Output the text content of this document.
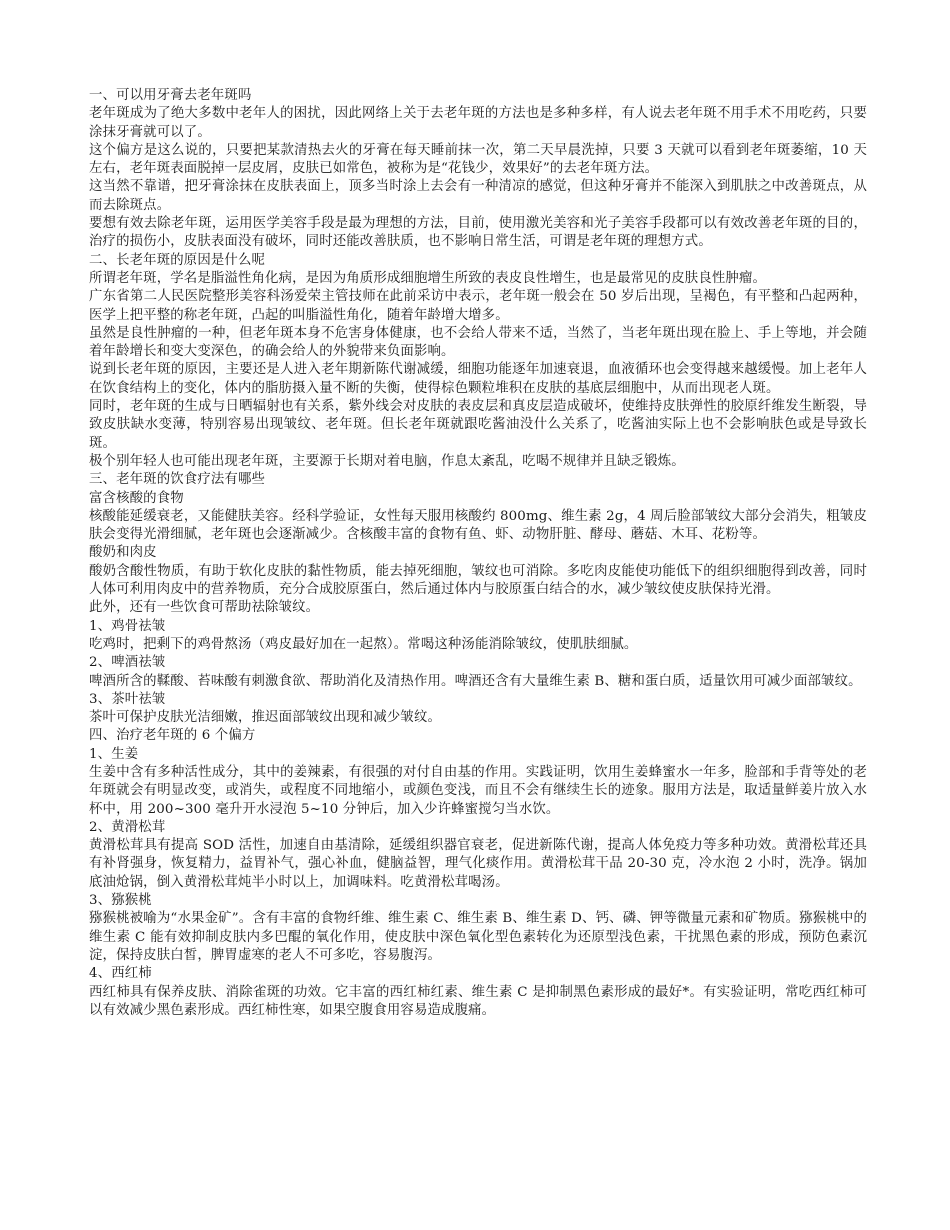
一、可以用牙膏去老年斑吗
老年斑成为了绝大多数中老年人的困扰，因此网络上关于去老年斑的方法也是多种多样，有人说去老年斑不用手术不用吃药，只要涂抹牙膏就可以了。
这个偏方是这么说的，只要把某款清热去火的牙膏在每天睡前抹一次，第二天早晨洗掉，只要 3 天就可以看到老年斑萎缩，10 天左右，老年斑表面脱掉一层皮屑，皮肤已如常色，被称为是“花钱少，效果好”的去老年斑方法。
这当然不靠谱，把牙膏涂抹在皮肤表面上，顶多当时涂上去会有一种清凉的感觉，但这种牙膏并不能深入到肌肤之中改善斑点，从而去除斑点。
要想有效去除老年斑，运用医学美容手段是最为理想的方法，目前，使用激光美容和光子美容手段都可以有效改善老年斑的目的，治疗的损伤小，皮肤表面没有破坏，同时还能改善肤质，也不影响日常生活，可谓是老年斑的理想方式。
二、长老年斑的原因是什么呢
所谓老年斑，学名是脂溢性角化病，是因为角质形成细胞增生所致的表皮良性增生，也是最常见的皮肤良性肿瘤。
广东省第二人民医院整形美容科汤爱荣主管技师在此前采访中表示，老年斑一般会在 50 岁后出现，呈褐色，有平整和凸起两种，医学上把平整的称老年斑，凸起的叫脂溢性角化，随着年龄增大增多。
虽然是良性肿瘤的一种，但老年斑本身不危害身体健康，也不会给人带来不适，当然了，当老年斑出现在脸上、手上等地，并会随着年龄增长和变大变深色，的确会给人的外貌带来负面影响。
说到长老年斑的原因，主要还是人进入老年期新陈代谢减缓，细胞功能逐年加速衰退，血液循环也会变得越来越缓慢。加上老年人在饮食结构上的变化，体内的脂肪摄入量不断的失衡，使得棕色颗粒堆积在皮肤的基底层细胞中，从而出现老人斑。
同时，老年斑的生成与日晒辐射也有关系，紫外线会对皮肤的表皮层和真皮层造成破坏，使维持皮肤弹性的胶原纤维发生断裂，导致皮肤缺水变薄，特别容易出现皱纹、老年斑。但长老年斑就跟吃酱油没什么关系了，吃酱油实际上也不会影响肤色或是导致长斑。
极个别年轻人也可能出现老年斑，主要源于长期对着电脑，作息太紊乱，吃喝不规律并且缺乏锻炼。
三、老年斑的饮食疗法有哪些
富含核酸的食物
核酸能延缓衰老，又能健肤美容。经科学验证，女性每天服用核酸约 800mg、维生素 2g，4 周后脸部皱纹大部分会消失，粗皱皮肤会变得光滑细腻，老年斑也会逐渐减少。含核酸丰富的食物有鱼、虾、动物肝脏、酵母、蘑菇、木耳、花粉等。
酸奶和肉皮
酸奶含酸性物质，有助于软化皮肤的黏性物质，能去掉死细胞，皱纹也可消除。多吃肉皮能使功能低下的组织细胞得到改善，同时人体可利用肉皮中的营养物质，充分合成胶原蛋白，然后通过体内与胶原蛋白结合的水，减少皱纹使皮肤保持光滑。
此外，还有一些饮食可帮助祛除皱纹。
1、鸡骨祛皱
吃鸡时，把剩下的鸡骨熬汤（鸡皮最好加在一起熬）。常喝这种汤能消除皱纹，使肌肤细腻。
2、啤酒祛皱
啤酒所含的鞣酸、苔味酸有刺激食欲、帮助消化及清热作用。啤酒还含有大量维生素 B、糖和蛋白质，适量饮用可减少面部皱纹。
3、茶叶祛皱
茶叶可保护皮肤光洁细嫩，推迟面部皱纹出现和减少皱纹。
四、治疗老年斑的 6 个偏方
1、生姜
生姜中含有多种活性成分，其中的姜辣素，有很强的对付自由基的作用。实践证明，饮用生姜蜂蜜水一年多，脸部和手背等处的老年斑就会有明显改变，或消失，或程度不同地缩小，或颜色变浅，而且不会有继续生长的迹象。服用方法是，取适量鲜姜片放入水杯中，用 200~300 毫升开水浸泡 5~10 分钟后，加入少许蜂蜜搅匀当水饮。
2、黄滑松茸
黄滑松茸具有提高 SOD 活性，加速自由基清除，延缓组织器官衰老，促进新陈代谢，提高人体免疫力等多种功效。黄滑松茸还具有补肾强身，恢复精力，益胃补气，强心补血，健脑益智，理气化痰作用。黄滑松茸干品 20-30 克，冷水泡 2 小时，洗净。锅加底油炝锅，倒入黄滑松茸炖半小时以上，加调味料。吃黄滑松茸喝汤。
3、猕猴桃
猕猴桃被喻为“水果金矿”。含有丰富的食物纤维、维生素 C、维生素 B、维生素 D、钙、磷、钾等微量元素和矿物质。猕猴桃中的维生素 C 能有效抑制皮肤内多巴醌的氧化作用，使皮肤中深色氧化型色素转化为还原型浅色素，干扰黑色素的形成，预防色素沉淀，保持皮肤白皙，脾胃虚寒的老人不可多吃，容易腹泻。
4、西红柿
西红柿具有保养皮肤、消除雀斑的功效。它丰富的西红柿红素、维生素 C 是抑制黑色素形成的最好*。有实验证明，常吃西红柿可以有效减少黑色素形成。西红柿性寒，如果空腹食用容易造成腹痛。
